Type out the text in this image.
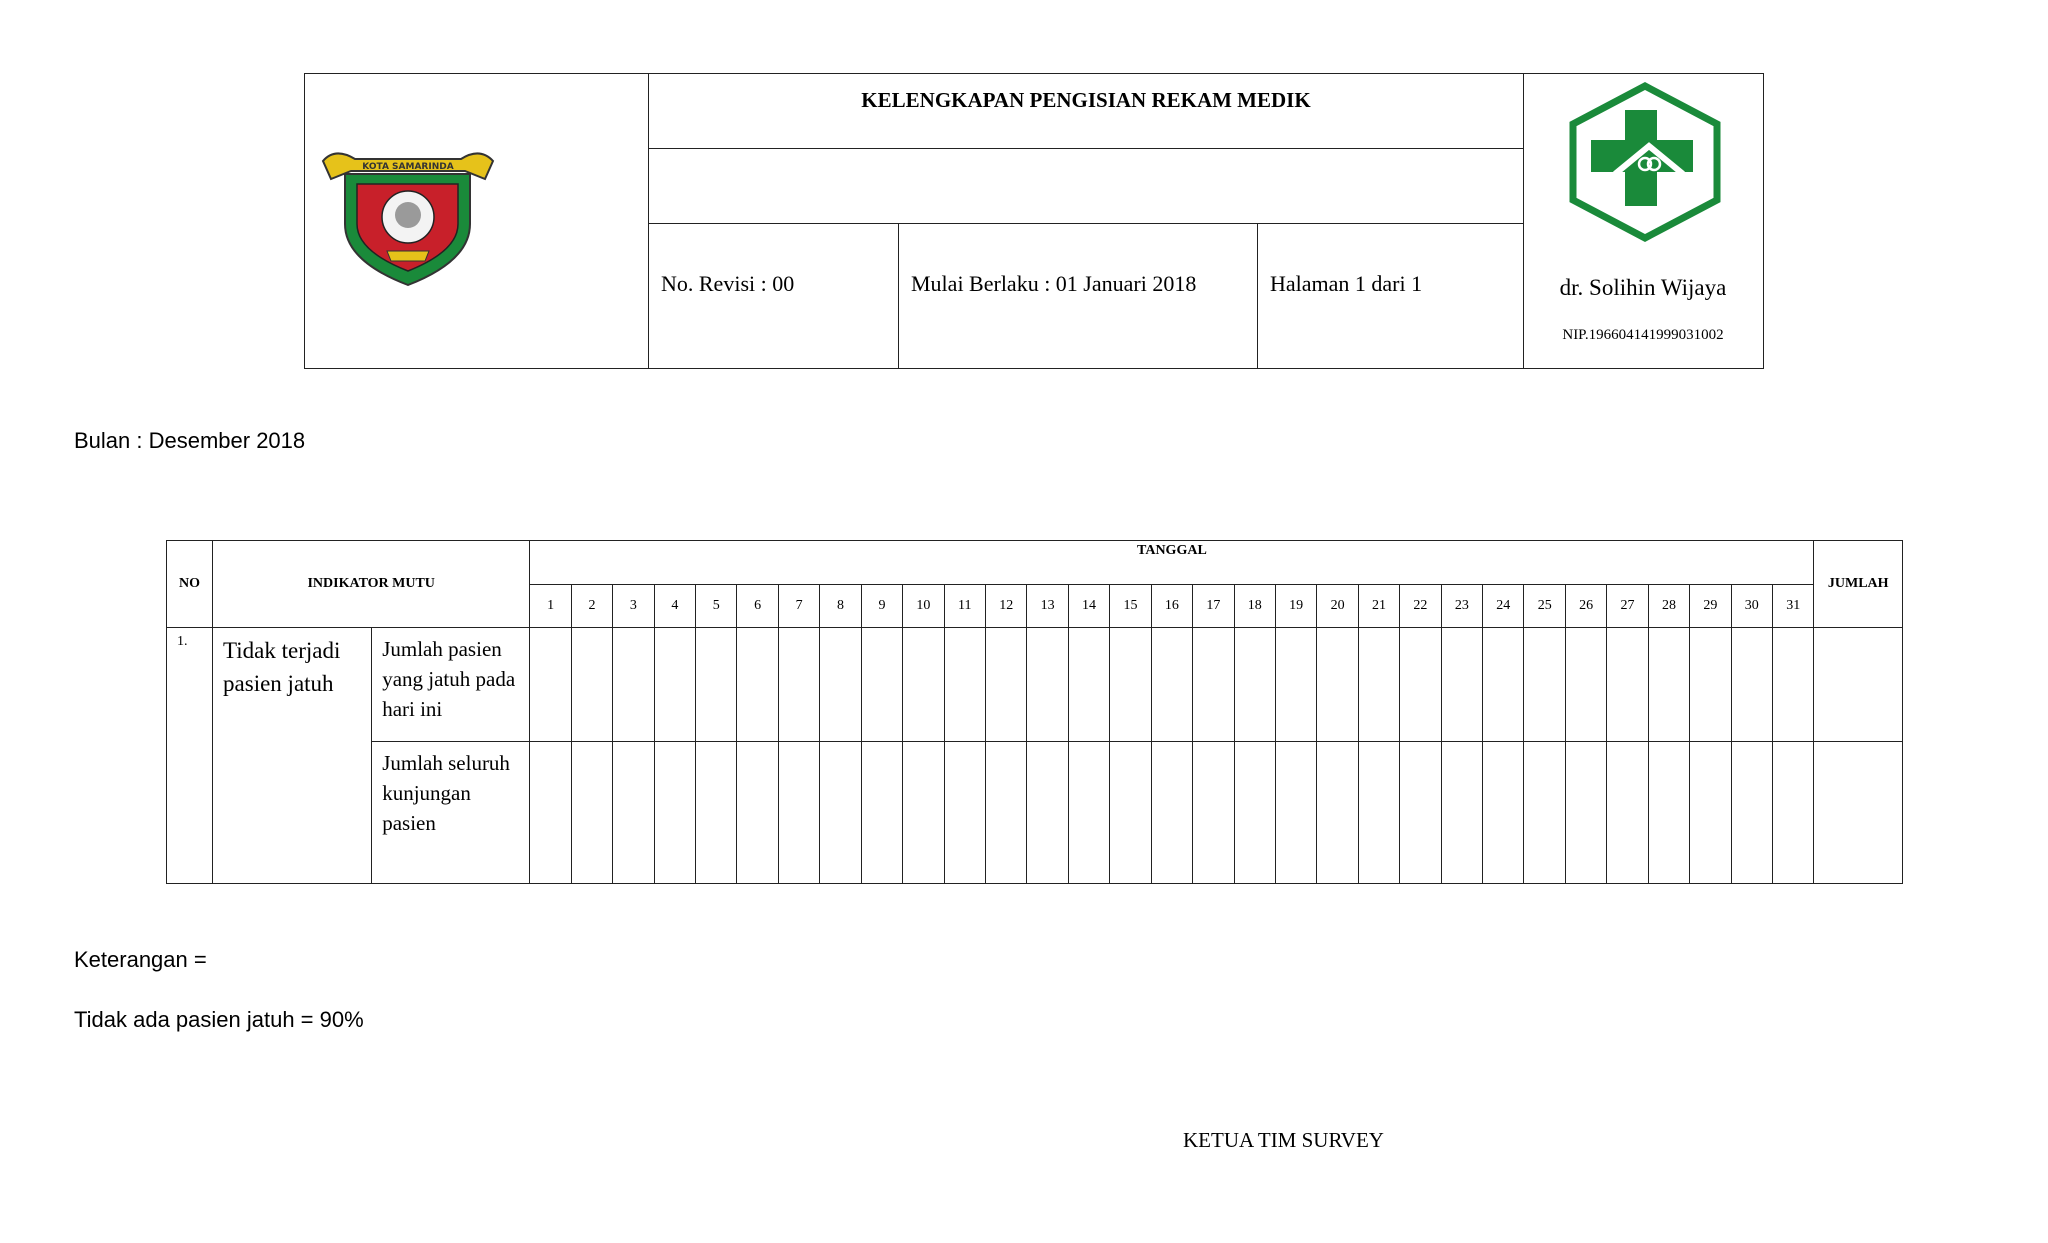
KOTA SAMARINDA
KELENGKAPAN PENGISIAN REKAM MEDIK
No. Revisi : 00	Mulai Berlaku : 01 Januari 2018	Halaman 1 dari 1	dr. Solihin Wijaya
NIP.196604141999031002
Bulan : Desember 2018
NO	INDIKATOR MUTU		TANGGAL																															JUMLAH
			1	2	3	4	5	6	7	8	9	10	11	12	13	14	15	16	17	18	19	20	21	22	23	24	25	26	27	28	29	30	31	
1.	Tidak terjadi pasien jatuh	Jumlah pasien yang jatuh pada hari ini																																
		Jumlah seluruh kunjungan pasien																																
Keterangan =
Tidak ada pasien jatuh = 90%
KETUA TIM SURVEY
